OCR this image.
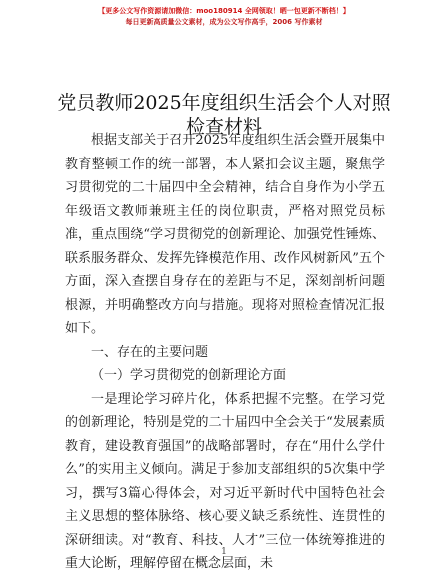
【更多公文写作资源请加微信：moo180914 全网领取！晒一包更新不断档！】
每日更新高质量公文素材，成为公文写作高手，2006 写作素材
党员教师2025年度组织生活会个人对照检查材料

根据支部关于召开2025年度组织生活会暨开展集中教育整顿工作的统一部署，本人紧扣会议主题，聚焦学习贯彻党的二十届四中全会精神，结合自身作为小学五年级语文教师兼班主任的岗位职责，严格对照党员标准，重点围绕“学习贯彻党的创新理论、加强党性锤炼、联系服务群众、发挥先锋模范作用、改作风树新风”五个方面，深入查摆自身存在的差距与不足，深刻剖析问题根源，并明确整改方向与措施。现将对照检查情况汇报如下。

一、存在的主要问题

（一）学习贯彻党的创新理论方面

一是理论学习碎片化，体系把握不完整。在学习党的创新理论，特别是党的二十届四中全会关于“发展素质教育，建设教育强国”的战略部署时，存在“用什么学什么”的实用主义倾向。满足于参加支部组织的5次集中学习，撰写3篇心得体会，对习近平新时代中国特色社会主义思想的整体脉络、核心要义缺乏系统性、连贯性的深研细读。对“教育、科技、人才”三位一体统筹推进的重大论断，理解停留在概念层面，未

1
